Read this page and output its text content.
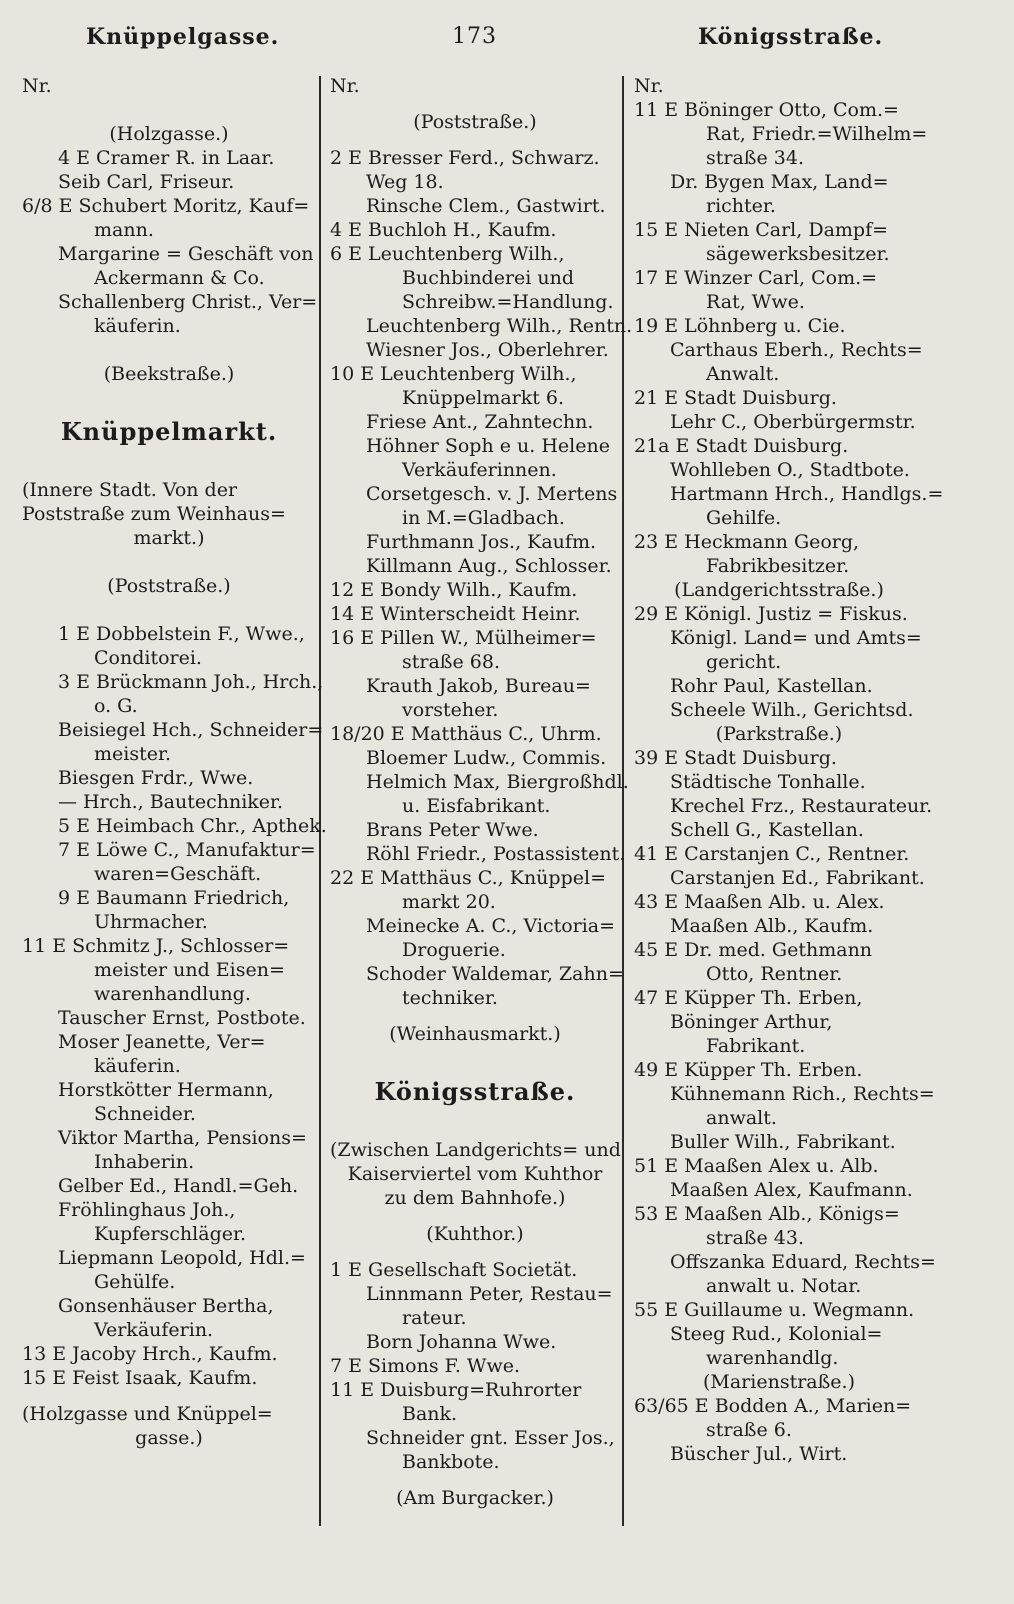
Knüppelgasse.	173	Königsstraße.
Nr.
(Holzgasse.)
4 E Cramer R. in Laar.
Seib Carl, Friseur.
6/8 E Schubert Moritz, Kauf=
mann.
Margarine = Geschäft von
Ackermann & Co.
Schallenberg Christ., Ver=
käuferin.
(Beekstraße.)
Knüppelmarkt.
(Innere Stadt. Von der
Poststraße zum Weinhaus=
markt.)
(Poststraße.)
1 E Dobbelstein F., Wwe.,
Conditorei.
3 E Brückmann Joh., Hrch.,
o. G.
Beisiegel Hch., Schneider=
meister.
Biesgen Frdr., Wwe.
— Hrch., Bautechniker.
5 E Heimbach Chr., Apthek.
7 E Löwe C., Manufaktur=
waren=Geschäft.
9 E Baumann Friedrich,
Uhrmacher.
11 E Schmitz J., Schlosser=
meister und Eisen=
warenhandlung.
Tauscher Ernst, Postbote.
Moser Jeanette, Ver=
käuferin.
Horstkötter Hermann,
Schneider.
Viktor Martha, Pensions=
Inhaberin.
Gelber Ed., Handl.=Geh.
Fröhlinghaus Joh.,
Kupferschläger.
Liepmann Leopold, Hdl.=
Gehülfe.
Gonsenhäuser Bertha,
Verkäuferin.
13 E Jacoby Hrch., Kaufm.
15 E Feist Isaak, Kaufm.
(Holzgasse und Knüppel=
gasse.)
Nr.
(Poststraße.)
2 E Bresser Ferd., Schwarz.
Weg 18.
Rinsche Clem., Gastwirt.
4 E Buchloh H., Kaufm.
6 E Leuchtenberg Wilh.,
Buchbinderei und
Schreibw.=Handlung.
Leuchtenberg Wilh., Rentn.
Wiesner Jos., Oberlehrer.
10 E Leuchtenberg Wilh.,
Knüppelmarkt 6.
Friese Ant., Zahntechn.
Höhner Soph e u. Helene
Verkäuferinnen.
Corsetgesch. v. J. Mertens
in M.=Gladbach.
Furthmann Jos., Kaufm.
Killmann Aug., Schlosser.
12 E Bondy Wilh., Kaufm.
14 E Winterscheidt Heinr.
16 E Pillen W., Mülheimer=
straße 68.
Krauth Jakob, Bureau=
vorsteher.
18/20 E Matthäus C., Uhrm.
Bloemer Ludw., Commis.
Helmich Max, Biergroßhdl.
u. Eisfabrikant.
Brans Peter Wwe.
Röhl Friedr., Postassistent.
22 E Matthäus C., Knüppel=
markt 20.
Meinecke A. C., Victoria=
Droguerie.
Schoder Waldemar, Zahn=
techniker.
(Weinhausmarkt.)
Königsstraße.
(Zwischen Landgerichts= und
Kaiserviertel vom Kuhthor
zu dem Bahnhofe.)
(Kuhthor.)
1 E Gesellschaft Societät.
Linnmann Peter, Restau=
rateur.
Born Johanna Wwe.
7 E Simons F. Wwe.
11 E Duisburg=Ruhrorter
Bank.
Schneider gnt. Esser Jos.,
Bankbote.
(Am Burgacker.)
Nr.
11 E Böninger Otto, Com.=
Rat, Friedr.=Wilhelm=
straße 34.
Dr. Bygen Max, Land=
richter.
15 E Nieten Carl, Dampf=
sägewerksbesitzer.
17 E Winzer Carl, Com.=
Rat, Wwe.
19 E Löhnberg u. Cie.
Carthaus Eberh., Rechts=
Anwalt.
21 E Stadt Duisburg.
Lehr C., Oberbürgermstr.
21a E Stadt Duisburg.
Wohlleben O., Stadtbote.
Hartmann Hrch., Handlgs.=
Gehilfe.
23 E Heckmann Georg,
Fabrikbesitzer.
(Landgerichtsstraße.)
29 E Königl. Justiz = Fiskus.
Königl. Land= und Amts=
gericht.
Rohr Paul, Kastellan.
Scheele Wilh., Gerichtsd.
(Parkstraße.)
39 E Stadt Duisburg.
Städtische Tonhalle.
Krechel Frz., Restaurateur.
Schell G., Kastellan.
41 E Carstanjen C., Rentner.
Carstanjen Ed., Fabrikant.
43 E Maaßen Alb. u. Alex.
Maaßen Alb., Kaufm.
45 E Dr. med. Gethmann
Otto, Rentner.
47 E Küpper Th. Erben,
Böninger Arthur,
Fabrikant.
49 E Küpper Th. Erben.
Kühnemann Rich., Rechts=
anwalt.
Buller Wilh., Fabrikant.
51 E Maaßen Alex u. Alb.
Maaßen Alex, Kaufmann.
53 E Maaßen Alb., Königs=
straße 43.
Offszanka Eduard, Rechts=
anwalt u. Notar.
55 E Guillaume u. Wegmann.
Steeg Rud., Kolonial=
warenhandlg.
(Marienstraße.)
63/65 E Bodden A., Marien=
straße 6.
Büscher Jul., Wirt.
